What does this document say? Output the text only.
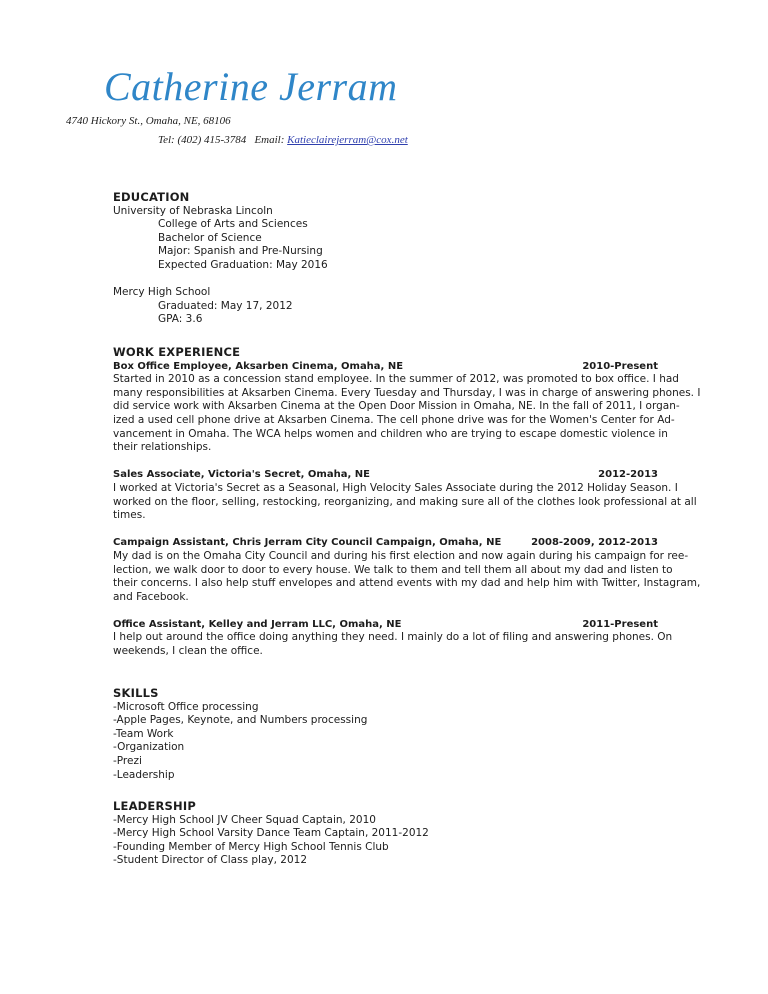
Catherine Jerram
4740 Hickory St., Omaha, NE, 68106
Tel: (402) 415-3784 Email: Katieclairejerram@cox.net
EDUCATION
University of Nebraska Lincoln
College of Arts and Sciences
Bachelor of Science
Major: Spanish and Pre-Nursing
Expected Graduation: May 2016
Mercy High School
Graduated: May 17, 2012
GPA: 3.6
WORK EXPERIENCE
Box Office Employee, Aksarben Cinema, Omaha, NE	2010-Present
Started in 2010 as a concession stand employee. In the summer of 2012, was promoted to box office. I had
many responsibilities at Aksarben Cinema. Every Tuesday and Thursday, I was in charge of answering phones. I
did service work with Aksarben Cinema at the Open Door Mission in Omaha, NE. In the fall of 2011, I organ-
ized a used cell phone drive at Aksarben Cinema. The cell phone drive was for the Women's Center for Ad-
vancement in Omaha. The WCA helps women and children who are trying to escape domestic violence in
their relationships.
Sales Associate, Victoria's Secret, Omaha, NE	2012-2013
I worked at Victoria's Secret as a Seasonal, High Velocity Sales Associate during the 2012 Holiday Season. I
worked on the floor, selling, restocking, reorganizing, and making sure all of the clothes look professional at all
times.
Campaign Assistant, Chris Jerram City Council Campaign, Omaha, NE	2008-2009, 2012-2013
My dad is on the Omaha City Council and during his first election and now again during his campaign for ree-
lection, we walk door to door to every house. We talk to them and tell them all about my dad and listen to
their concerns. I also help stuff envelopes and attend events with my dad and help him with Twitter, Instagram,
and Facebook.
Office Assistant, Kelley and Jerram LLC, Omaha, NE	2011-Present
I help out around the office doing anything they need. I mainly do a lot of filing and answering phones. On
weekends, I clean the office.
SKILLS
-Microsoft Office processing
-Apple Pages, Keynote, and Numbers processing
-Team Work
-Organization
-Prezi
-Leadership
LEADERSHIP
-Mercy High School JV Cheer Squad Captain, 2010
-Mercy High School Varsity Dance Team Captain, 2011-2012
-Founding Member of Mercy High School Tennis Club
-Student Director of Class play, 2012
